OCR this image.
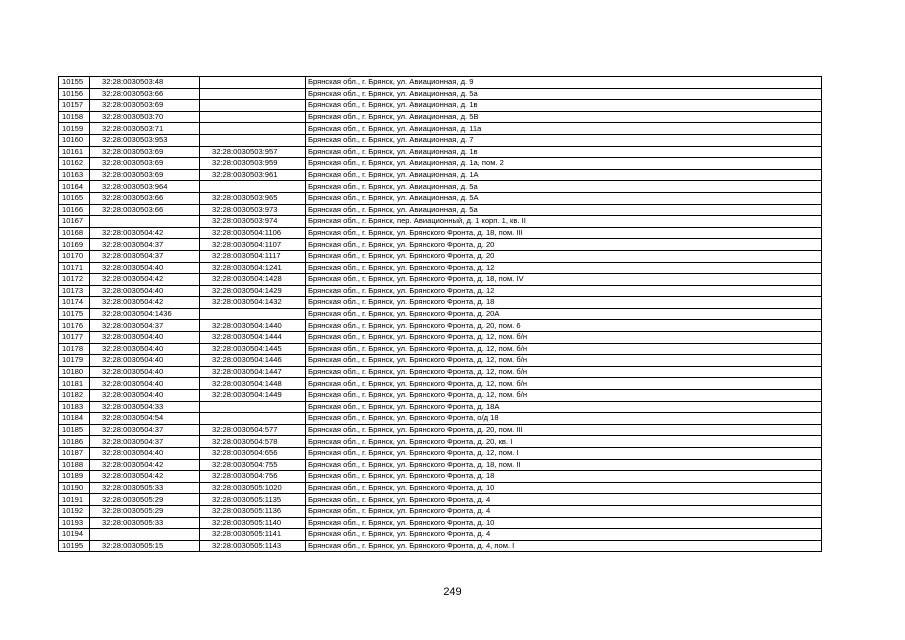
10155	32:28:0030503:48		Брянская обл., г. Брянск, ул. Авиационная, д. 9
10156	32:28:0030503:66		Брянская обл., г. Брянск, ул. Авиационная, д. 5а
10157	32:28:0030503:69		Брянская обл., г. Брянск, ул. Авиационная, д. 1в
10158	32:28:0030503:70		Брянская обл., г. Брянск, ул. Авиационная, д. 5В
10159	32:28:0030503:71		Брянская обл., г. Брянск, ул. Авиационная, д. 11а
10160	32:28:0030503:953		Брянская обл., г. Брянск, ул. Авиационная, д. 7
10161	32:28:0030503:69	32:28:0030503:957	Брянская обл., г. Брянск, ул. Авиационная, д. 1в
10162	32:28:0030503:69	32:28:0030503:959	Брянская обл., г. Брянск, ул. Авиационная, д. 1а, пом. 2
10163	32:28:0030503:69	32:28:0030503:961	Брянская обл., г. Брянск, ул. Авиационная, д. 1А
10164	32:28:0030503:964		Брянская обл., г. Брянск, ул. Авиационная, д. 5а
10165	32:28:0030503:66	32:28:0030503:965	Брянская обл., г. Брянск, ул. Авиационная, д. 5А
10166	32:28:0030503:66	32:28:0030503:973	Брянская обл., г. Брянск, ул. Авиационная, д. 5а
10167		32:28:0030503:974	Брянская обл., г. Брянск, пер. Авиационный, д. 1 корп. 1, кв. II
10168	32:28:0030504:42	32:28:0030504:1106	Брянская обл., г. Брянск, ул. Брянского Фронта, д. 18, пом. III
10169	32:28:0030504:37	32:28:0030504:1107	Брянская обл., г. Брянск, ул. Брянского Фронта, д. 20
10170	32:28:0030504:37	32:28:0030504:1117	Брянская обл., г. Брянск, ул. Брянского Фронта, д. 20
10171	32:28:0030504:40	32:28:0030504:1241	Брянская обл., г. Брянск, ул. Брянского Фронта, д. 12
10172	32:28:0030504:42	32:28:0030504:1428	Брянская обл., г. Брянск, ул. Брянского Фронта, д. 18, пом. IV
10173	32:28:0030504:40	32:28:0030504:1429	Брянская обл., г. Брянск, ул. Брянского Фронта, д. 12
10174	32:28:0030504:42	32:28:0030504:1432	Брянская обл., г. Брянск, ул. Брянского Фронта, д. 18
10175	32:28:0030504:1436		Брянская обл., г. Брянск, ул. Брянского Фронта, д. 20А
10176	32:28:0030504:37	32:28:0030504:1440	Брянская обл., г. Брянск, ул. Брянского Фронта, д. 20, пом. 6
10177	32:28:0030504:40	32:28:0030504:1444	Брянская обл., г. Брянск, ул. Брянского Фронта, д. 12, пом. б/н
10178	32:28:0030504:40	32:28:0030504:1445	Брянская обл., г. Брянск, ул. Брянского Фронта, д. 12, пом. б/н
10179	32:28:0030504:40	32:28:0030504:1446	Брянская обл., г. Брянск, ул. Брянского Фронта, д. 12, пом. б/н
10180	32:28:0030504:40	32:28:0030504:1447	Брянская обл., г. Брянск, ул. Брянского Фронта, д. 12, пом. б/н
10181	32:28:0030504:40	32:28:0030504:1448	Брянская обл., г. Брянск, ул. Брянского Фронта, д. 12, пом. б/н
10182	32:28:0030504:40	32:28:0030504:1449	Брянская обл., г. Брянск, ул. Брянского Фронта, д. 12, пом. б/н
10183	32:28:0030504:33		Брянская обл., г. Брянск, ул. Брянского Фронта, д. 18А
10184	32:28:0030504:54		Брянская обл., г. Брянск, ул. Брянского Фронта, о/д 18
10185	32:28:0030504:37	32:28:0030504:577	Брянская обл., г. Брянск, ул. Брянского Фронта, д. 20, пом. III
10186	32:28:0030504:37	32:28:0030504:578	Брянская обл., г. Брянск, ул. Брянского Фронта, д. 20, кв. I
10187	32:28:0030504:40	32:28:0030504:656	Брянская обл., г. Брянск, ул. Брянского Фронта, д. 12, пом. I
10188	32:28:0030504:42	32:28:0030504:755	Брянская обл., г. Брянск, ул. Брянского Фронта, д. 18, пом. II
10189	32:28:0030504:42	32:28:0030504:756	Брянская обл., г. Брянск, ул. Брянского Фронта, д. 18
10190	32:28:0030505:33	32:28:0030505:1020	Брянская обл., г. Брянск, ул. Брянского Фронта, д. 10
10191	32:28:0030505:29	32:28:0030505:1135	Брянская обл., г. Брянск, ул. Брянского Фронта, д. 4
10192	32:28:0030505:29	32:28:0030505:1136	Брянская обл., г. Брянск, ул. Брянского Фронта, д. 4
10193	32:28:0030505:33	32:28:0030505:1140	Брянская обл., г. Брянск, ул. Брянского Фронта, д. 10
10194		32:28:0030505:1141	Брянская обл., г. Брянск, ул. Брянского Фронта, д. 4
10195	32:28:0030505:15	32:28:0030505:1143	Брянская обл., г. Брянск, ул. Брянского Фронта, д. 4, пом. I
249
